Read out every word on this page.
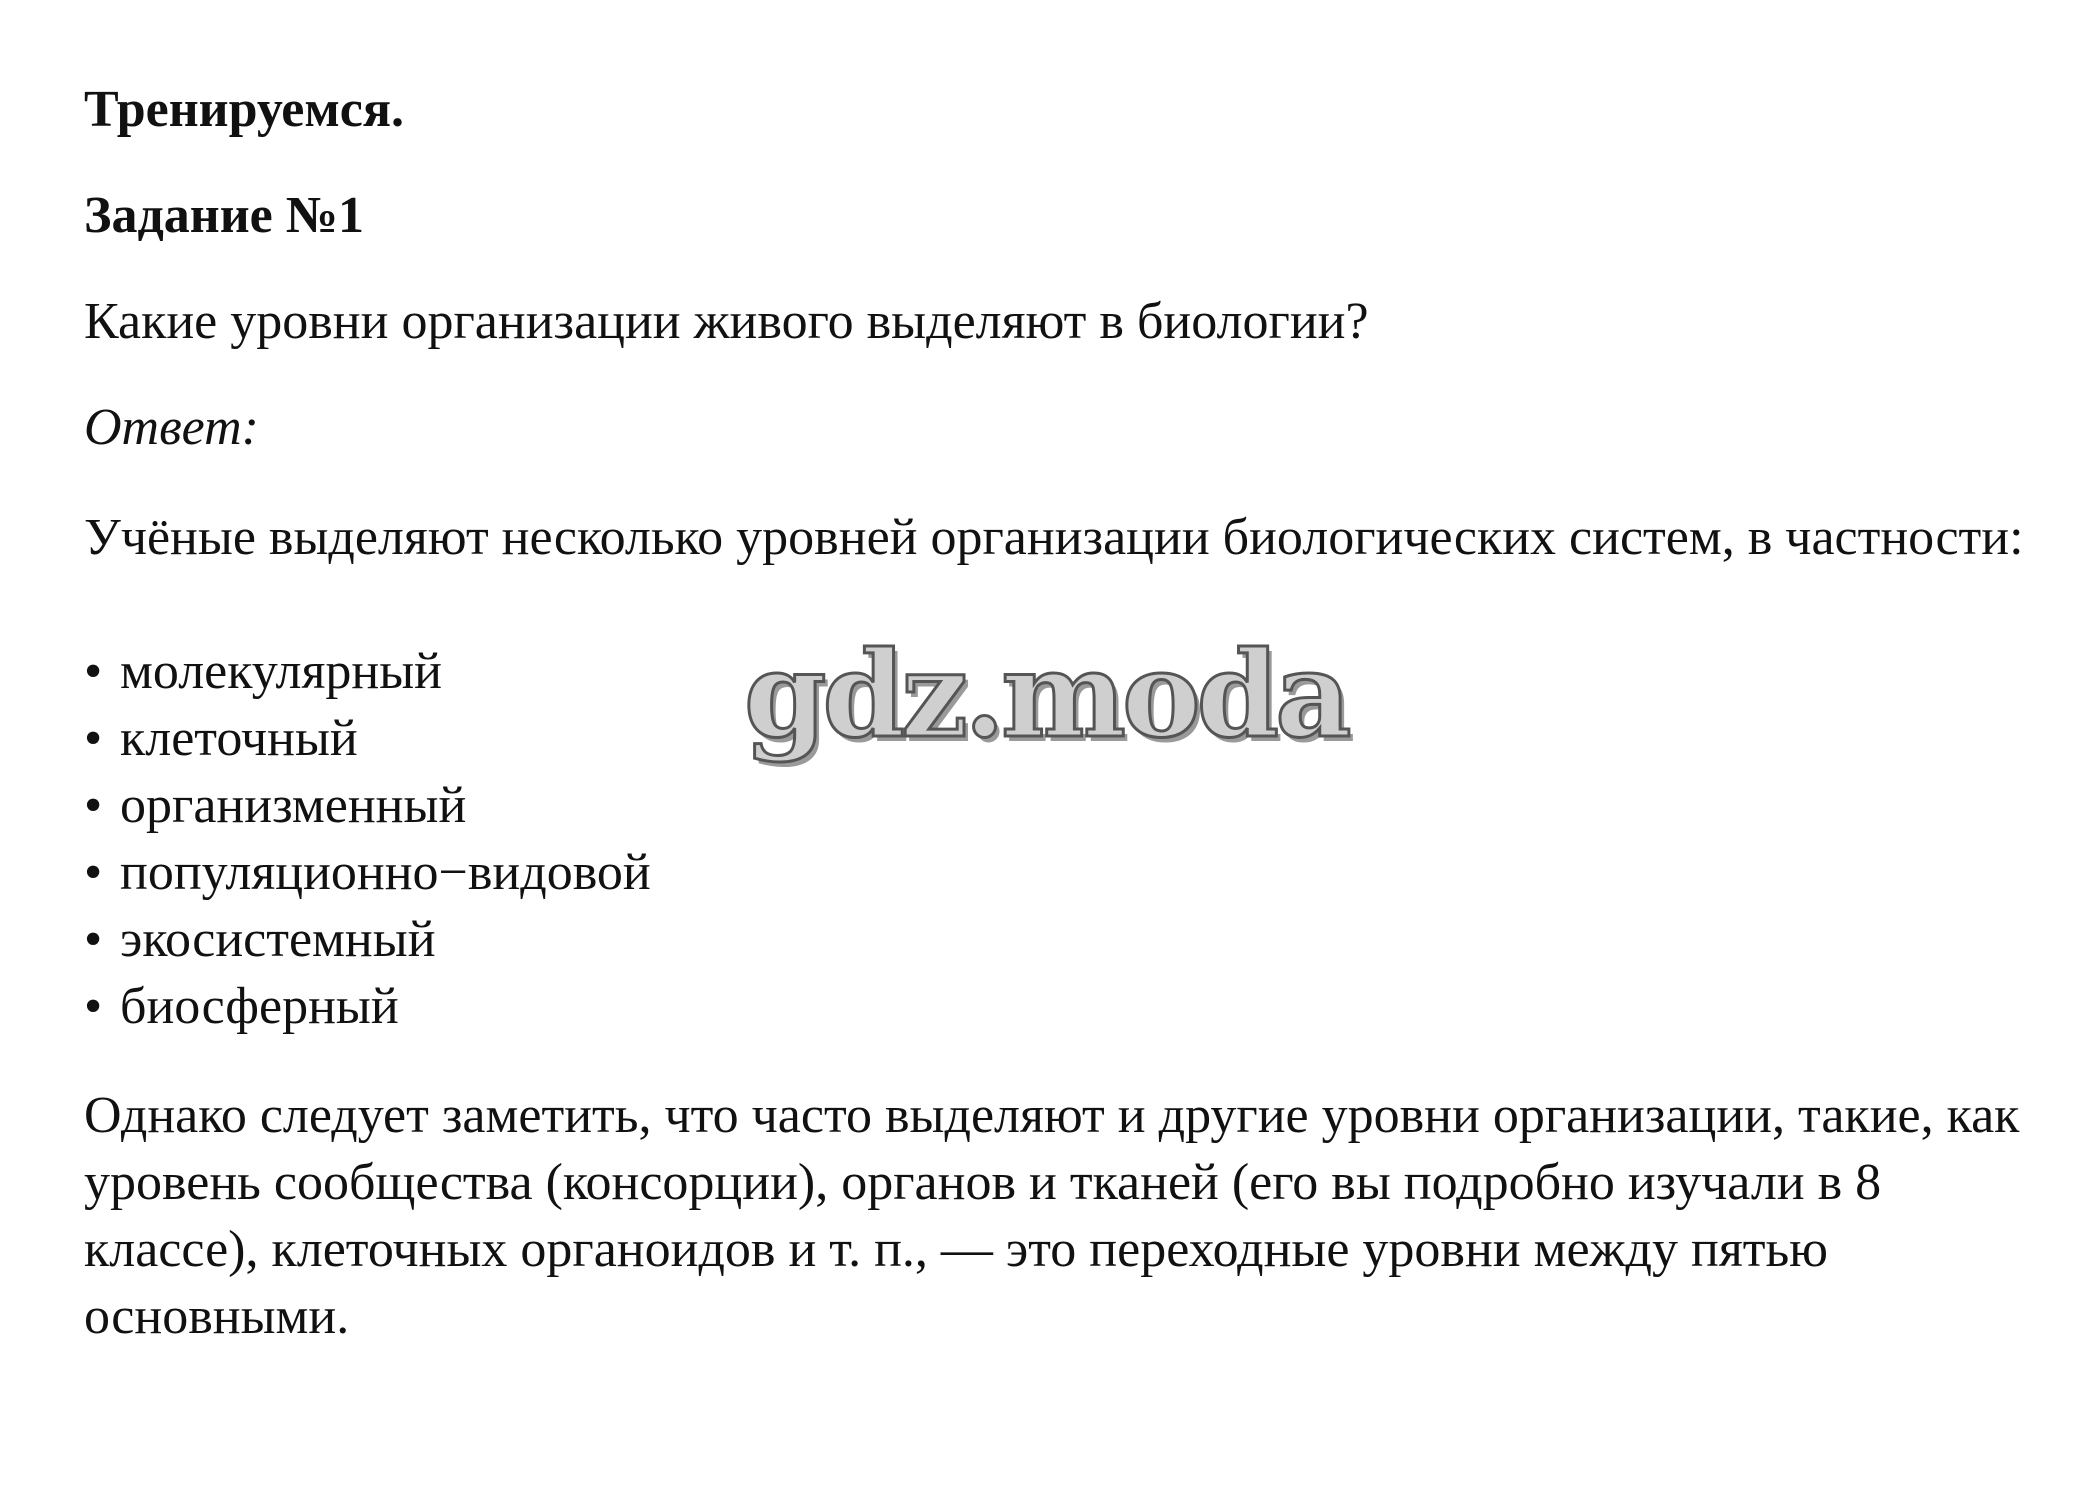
Тренируемся.

Задание №1

Какие уровни организации живого выделяют в биологии?

Ответ:

Учёные выделяют несколько уровней организации биологических систем, в частности:

• молекулярный
• клеточный
• организменный
• популяционно−видовой
• экосистемный
• биосферный

Однако следует заметить, что часто выделяют и другие уровни организации, такие, как уровень сообщества (консорции), органов и тканей (его вы подробно изучали в 8 классе), клеточных органоидов и т. п., — это переходные уровни между пятью основными.

gdz.moda
